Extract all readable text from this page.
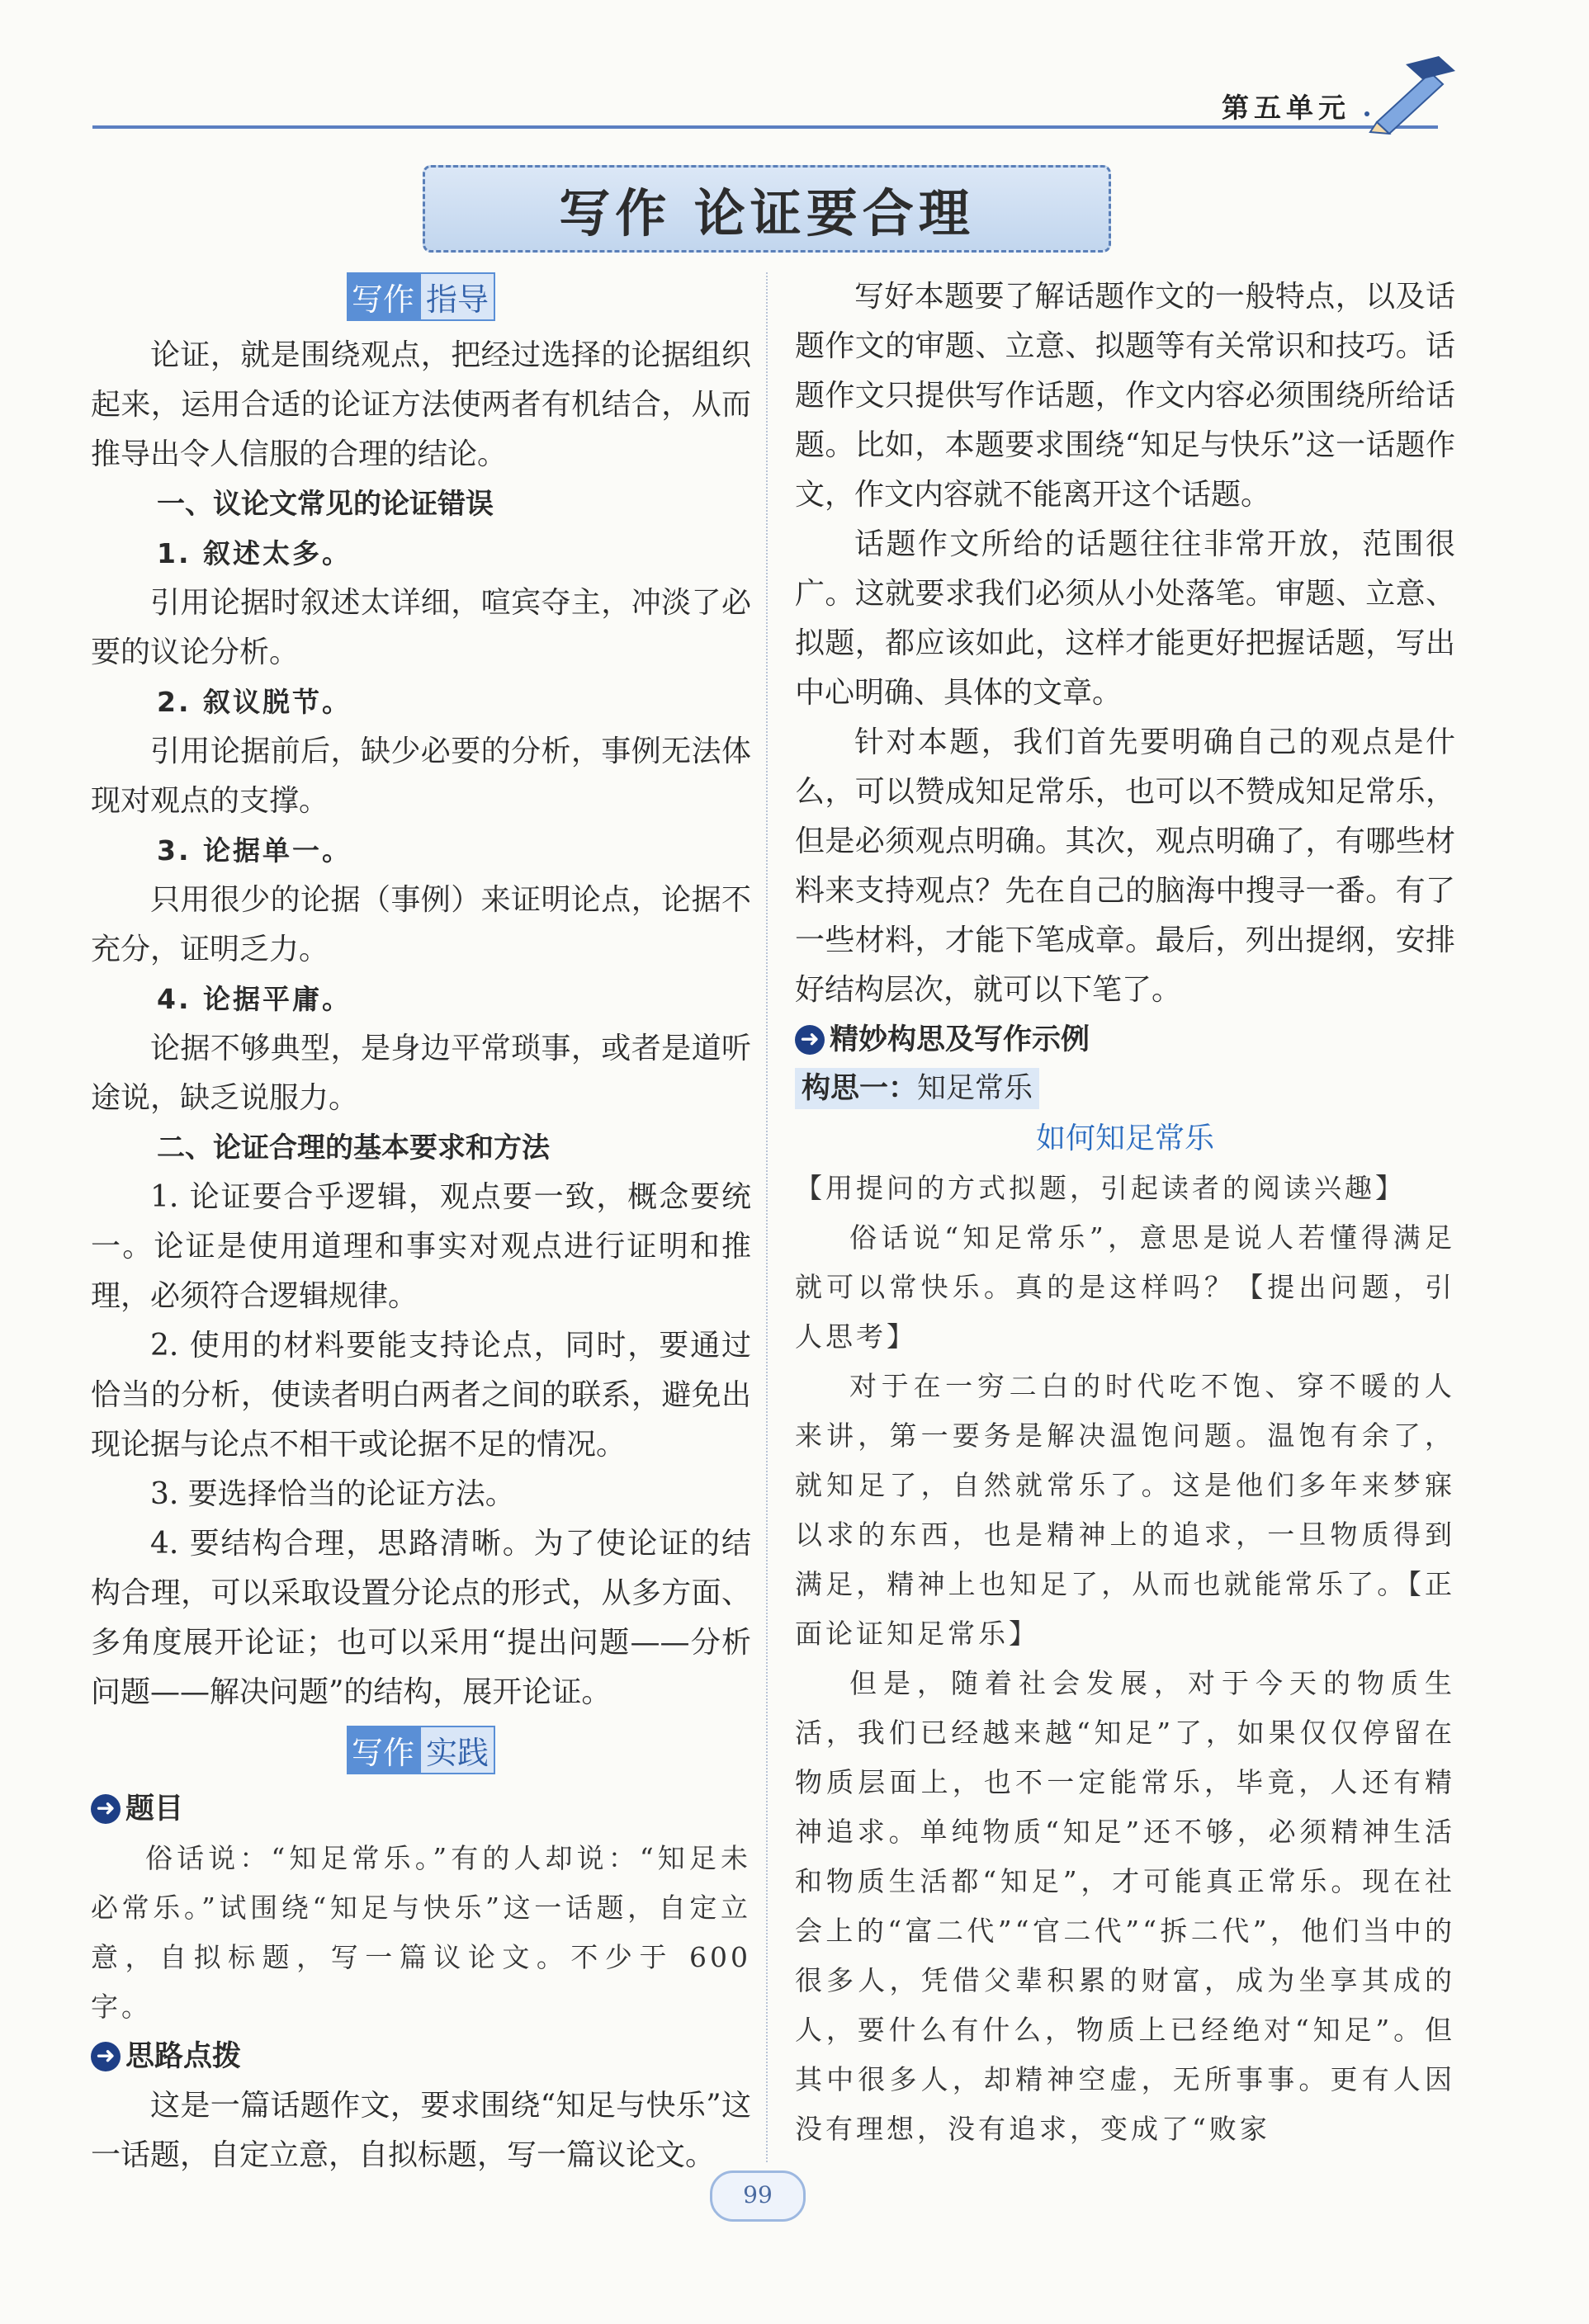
第五单元
写作 论证要合理
写作 指导

论证，就是围绕观点，把经过选择的论据组织起来，运用合适的论证方法使两者有机结合，从而推导出令人信服的合理的结论。

一、议论文常见的论证错误
1. 叙述太多。

引用论据时叙述太详细，喧宾夺主，冲淡了必要的议论分析。

2. 叙议脱节。

引用论据前后，缺少必要的分析，事例无法体现对观点的支撑。

3. 论据单一。

只用很少的论据（事例）来证明论点，论据不充分，证明乏力。

4. 论据平庸。

论据不够典型，是身边平常琐事，或者是道听途说，缺乏说服力。

二、论证合理的基本要求和方法

1. 论证要合乎逻辑，观点要一致，概念要统一。论证是使用道理和事实对观点进行证明和推理，必须符合逻辑规律。

2. 使用的材料要能支持论点，同时，要通过恰当的分析，使读者明白两者之间的联系，避免出现论据与论点不相干或论据不足的情况。

3. 要选择恰当的论证方法。

4. 要结构合理，思路清晰。为了使论证的结构合理，可以采取设置分论点的形式，从多方面、多角度展开论证；也可以采用“提出问题——分析问题——解决问题”的结构，展开论证。

写作 实践
➜ 题目

俗话说：“知足常乐。”有的人却说：“知足未必常乐。”试围绕“知足与快乐”这一话题，自定立意，自拟标题，写一篇议论文。不少于 600 字。

➜ 思路点拨

这是一篇话题作文，要求围绕“知足与快乐”这一话题，自定立意，自拟标题，写一篇议论文。

写好本题要了解话题作文的一般特点，以及话题作文的审题、立意、拟题等有关常识和技巧。话题作文只提供写作话题，作文内容必须围绕所给话题。比如，本题要求围绕“知足与快乐”这一话题作文，作文内容就不能离开这个话题。

话题作文所给的话题往往非常开放，范围很广。这就要求我们必须从小处落笔。审题、立意、拟题，都应该如此，这样才能更好把握话题，写出中心明确、具体的文章。

针对本题，我们首先要明确自己的观点是什么，可以赞成知足常乐，也可以不赞成知足常乐，但是必须观点明确。其次，观点明确了，有哪些材料来支持观点？先在自己的脑海中搜寻一番。有了一些材料，才能下笔成章。最后，列出提纲，安排好结构层次，就可以下笔了。

➜ 精妙构思及写作示例
构思一：知足常乐
如何知足常乐

【用提问的方式拟题，引起读者的阅读兴趣】

俗话说“知足常乐”，意思是说人若懂得满足就可以常快乐。真的是这样吗？【提出问题，引人思考】

对于在一穷二白的时代吃不饱、穿不暖的人来讲，第一要务是解决温饱问题。温饱有余了，就知足了，自然就常乐了。这是他们多年来梦寐以求的东西，也是精神上的追求，一旦物质得到满足，精神上也知足了，从而也就能常乐了。【正面论证知足常乐】

但是，随着社会发展，对于今天的物质生活，我们已经越来越“知足”了，如果仅仅停留在物质层面上，也不一定能常乐，毕竟，人还有精神追求。单纯物质“知足”还不够，必须精神生活和物质生活都“知足”，才可能真正常乐。现在社会上的“富二代”“官二代”“拆二代”，他们当中的很多人，凭借父辈积累的财富，成为坐享其成的人，要什么有什么，物质上已经绝对“知足”。但其中很多人，却精神空虚，无所事事。更有人因没有理想，没有追求，变成了“败家

99
